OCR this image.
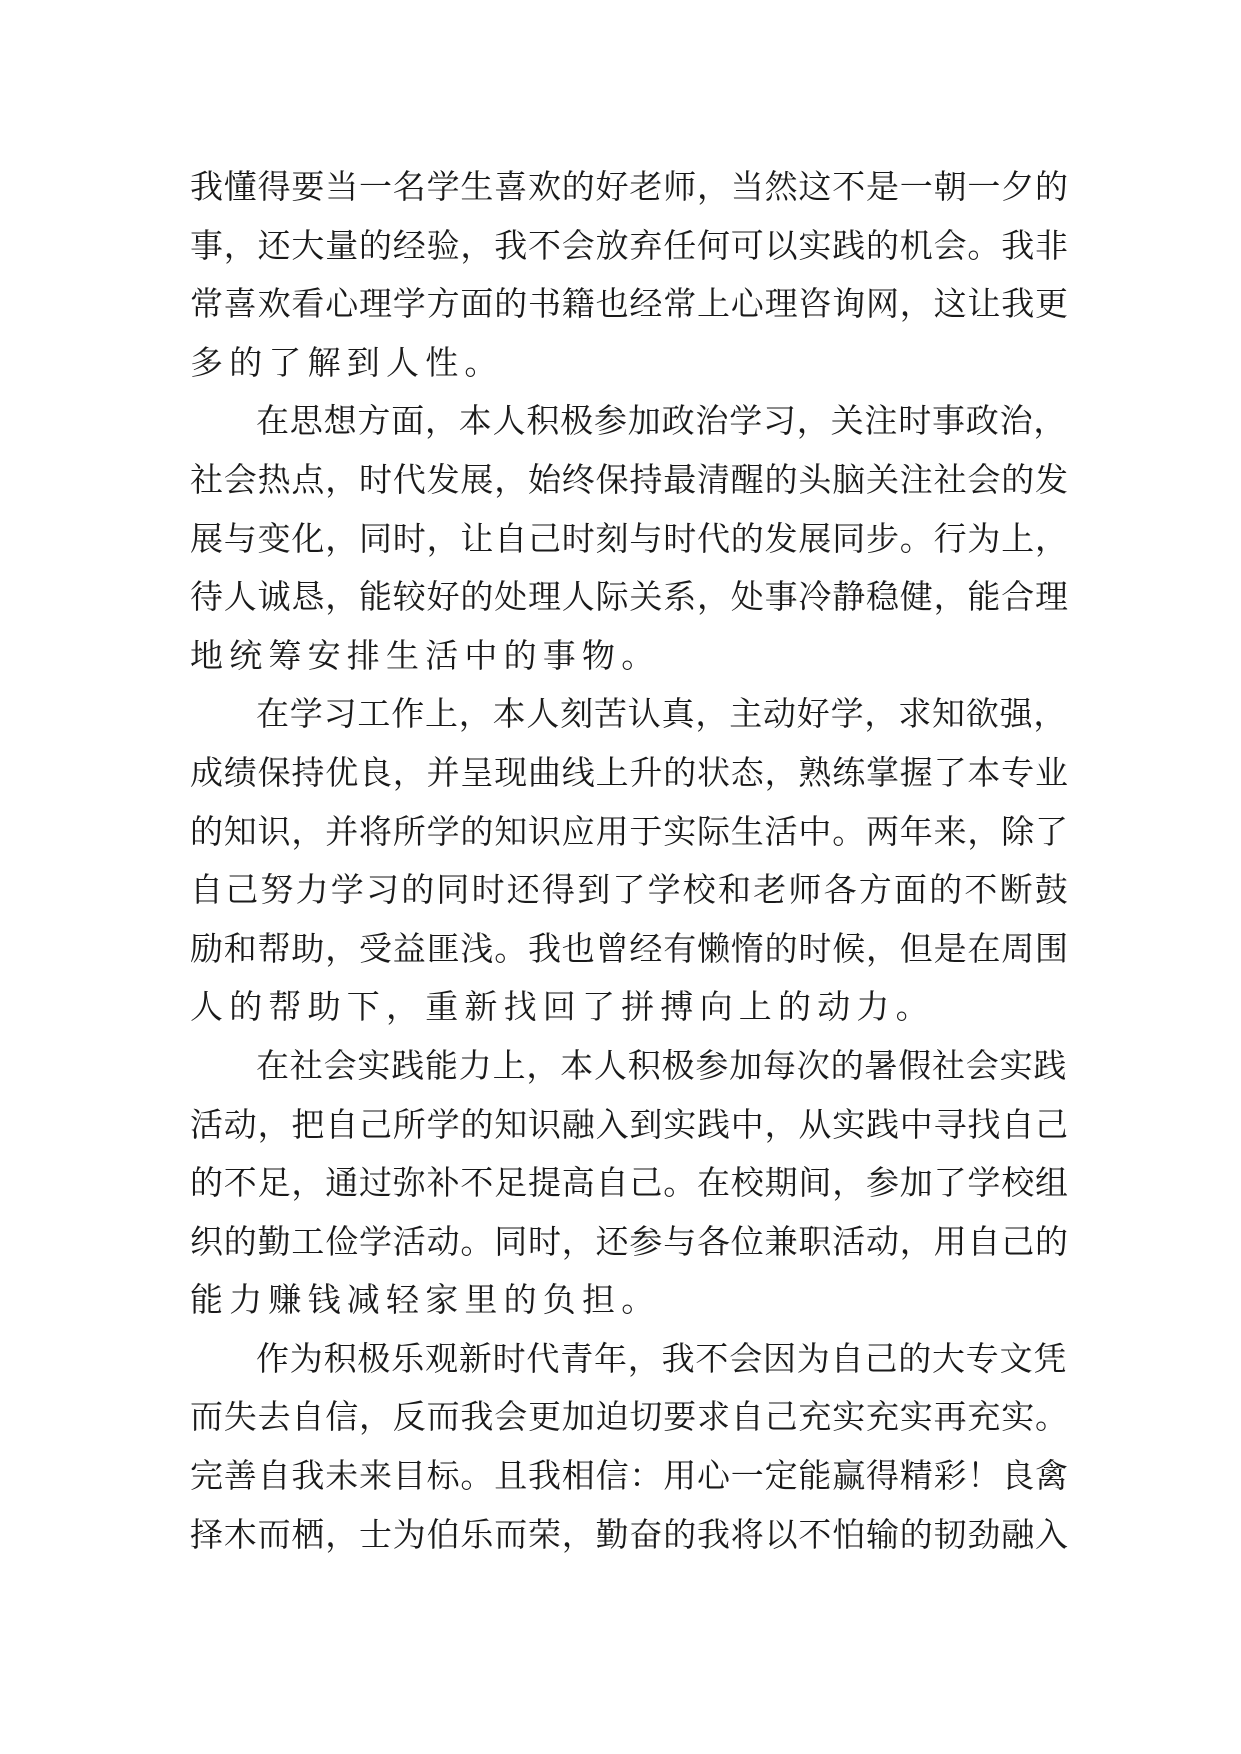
我懂得要当一名学生喜欢的好老师，当然这不是一朝一夕的
事，还大量的经验，我不会放弃任何可以实践的机会。我非
常喜欢看心理学方面的书籍也经常上心理咨询网，这让我更
多的了解到人性。
在思想方面，本人积极参加政治学习，关注时事政治，
社会热点，时代发展，始终保持最清醒的头脑关注社会的发
展与变化，同时，让自己时刻与时代的发展同步。行为上，
待人诚恳，能较好的处理人际关系，处事冷静稳健，能合理
地统筹安排生活中的事物。
在学习工作上，本人刻苦认真，主动好学，求知欲强，
成绩保持优良，并呈现曲线上升的状态，熟练掌握了本专业
的知识，并将所学的知识应用于实际生活中。两年来，除了
自己努力学习的同时还得到了学校和老师各方面的不断鼓
励和帮助，受益匪浅。我也曾经有懒惰的时候，但是在周围
人的帮助下，重新找回了拼搏向上的动力。
在社会实践能力上，本人积极参加每次的暑假社会实践
活动，把自己所学的知识融入到实践中，从实践中寻找自己
的不足，通过弥补不足提高自己。在校期间，参加了学校组
织的勤工俭学活动。同时，还参与各位兼职活动，用自己的
能力赚钱减轻家里的负担。
作为积极乐观新时代青年，我不会因为自己的大专文凭
而失去自信，反而我会更加迫切要求自己充实充实再充实。
完善自我未来目标。且我相信：用心一定能赢得精彩！良禽
择木而栖，士为伯乐而荣，勤奋的我将以不怕输的韧劲融入
